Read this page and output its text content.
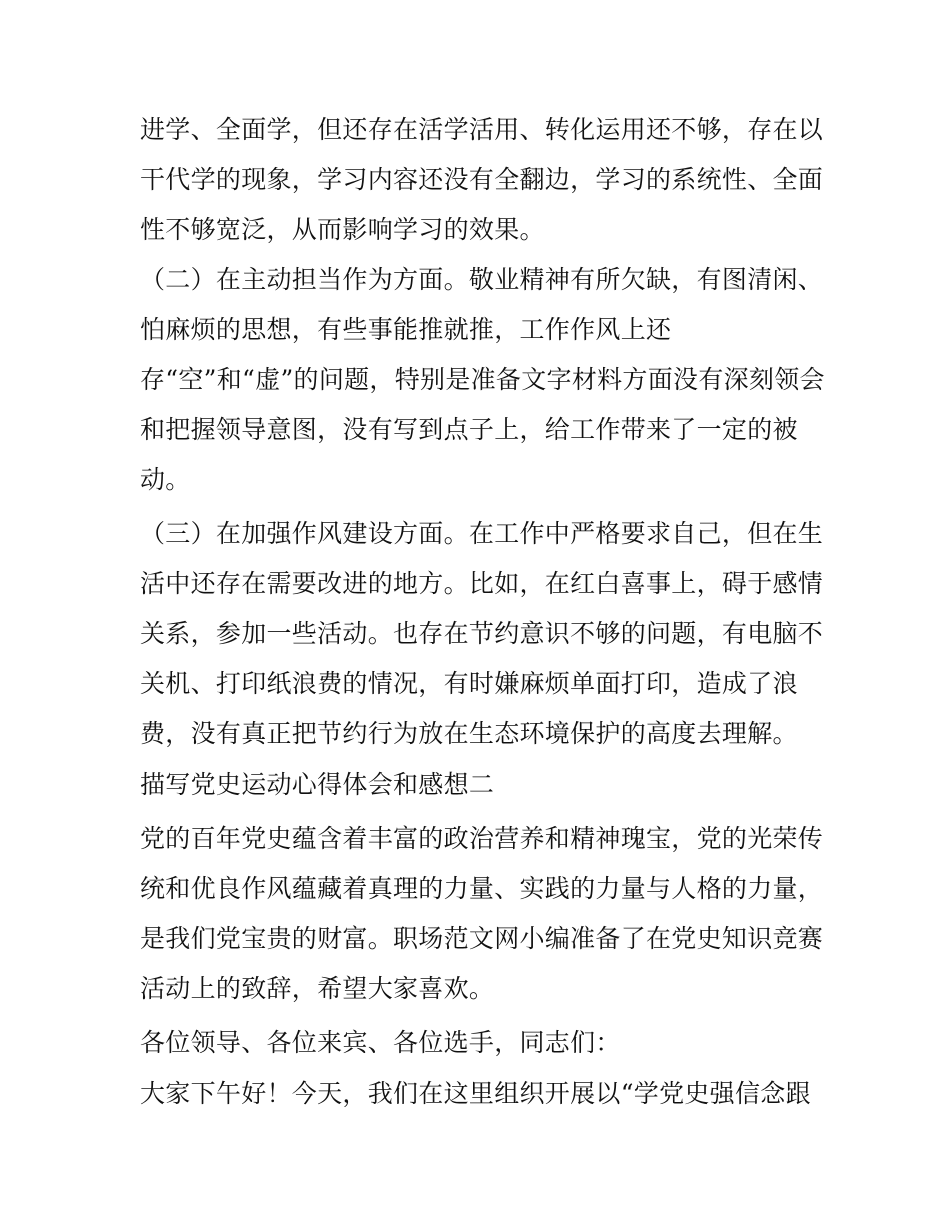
进学、全面学，但还存在活学活用、转化运用还不够，存在以

干代学的现象，学习内容还没有全翻边，学习的系统性、全面

性不够宽泛，从而影响学习的效果。

（二）在主动担当作为方面。敬业精神有所欠缺，有图清闲、

怕麻烦的思想，有些事能推就推，工作作风上还

存“空”和“虚”的问题，特别是准备文字材料方面没有深刻领会

和把握领导意图，没有写到点子上，给工作带来了一定的被

动。

（三）在加强作风建设方面。在工作中严格要求自己，但在生

活中还存在需要改进的地方。比如，在红白喜事上，碍于感情

关系，参加一些活动。也存在节约意识不够的问题，有电脑不

关机、打印纸浪费的情况，有时嫌麻烦单面打印，造成了浪

费，没有真正把节约行为放在生态环境保护的高度去理解。

描写党史运动心得体会和感想二

党的百年党史蕴含着丰富的政治营养和精神瑰宝，党的光荣传

统和优良作风蕴藏着真理的力量、实践的力量与人格的力量，

是我们党宝贵的财富。职场范文网小编准备了在党史知识竞赛

活动上的致辞，希望大家喜欢。

各位领导、各位来宾、各位选手，同志们：

大家下午好！今天，我们在这里组织开展以“学党史强信念跟
